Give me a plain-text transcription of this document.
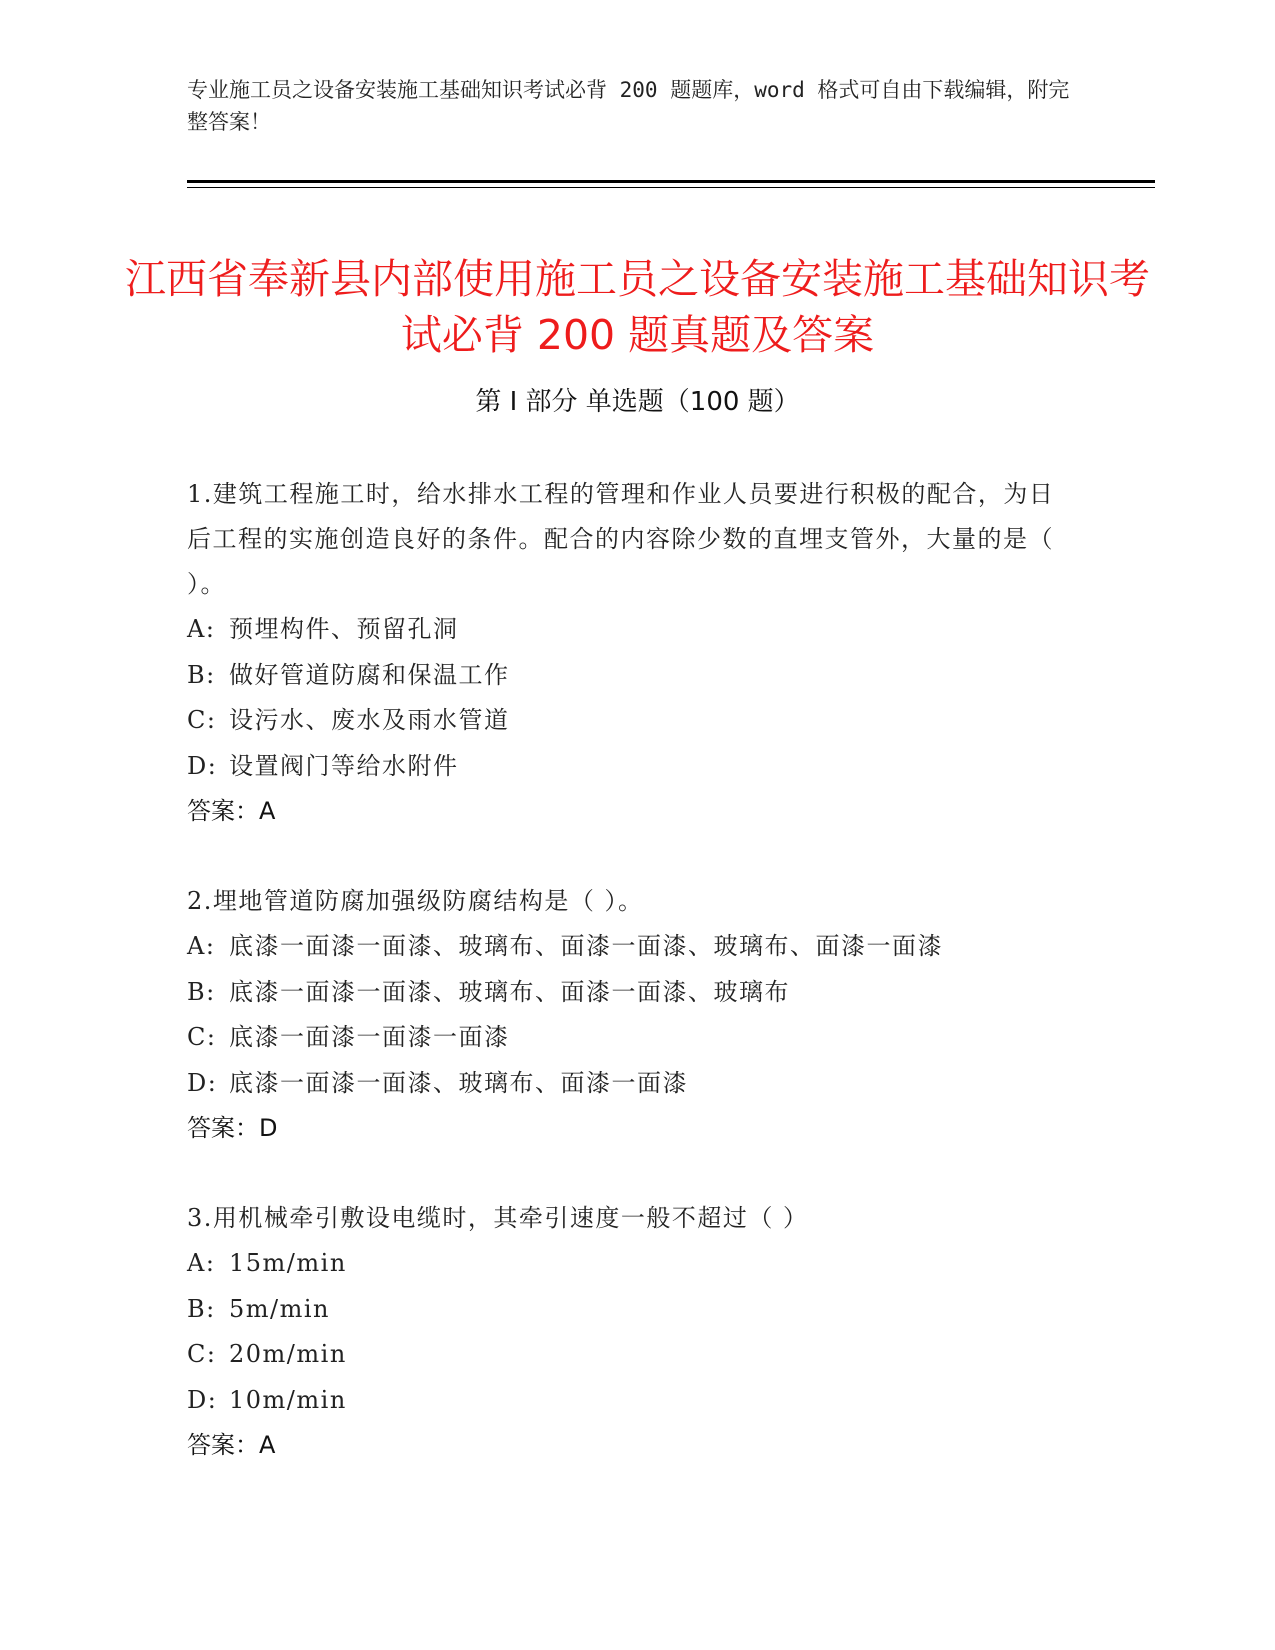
专业施工员之设备安装施工基础知识考试必背 200 题题库，word 格式可自由下载编辑，附完整答案！
江西省奉新县内部使用施工员之设备安装施工基础知识考试必背 200 题真题及答案
第 I 部分 单选题（100 题）
1.建筑工程施工时，给水排水工程的管理和作业人员要进行积极的配合，为日后工程的实施创造良好的条件。配合的内容除少数的直埋支管外，大量的是（ ）。
A: 预埋构件、预留孔洞
B: 做好管道防腐和保温工作
C: 设污水、废水及雨水管道
D: 设置阀门等给水附件
答案：A
2.埋地管道防腐加强级防腐结构是（ ）。
A: 底漆一面漆一面漆、玻璃布、面漆一面漆、玻璃布、面漆一面漆
B: 底漆一面漆一面漆、玻璃布、面漆一面漆、玻璃布
C: 底漆一面漆一面漆一面漆
D: 底漆一面漆一面漆、玻璃布、面漆一面漆
答案：D
3.用机械牵引敷设电缆时，其牵引速度一般不超过（ ）
A: 15m/min
B: 5m/min
C: 20m/min
D: 10m/min
答案：A
